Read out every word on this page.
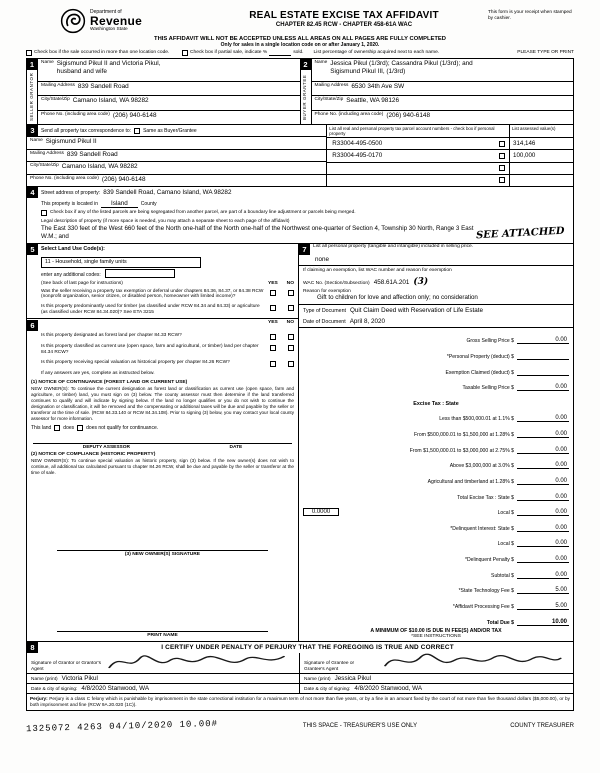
Department of
Revenue
Washington State
REAL ESTATE EXCISE TAX AFFIDAVIT
CHAPTER 82.45 RCW - CHAPTER 458-61A WAC
This form is your receipt when stamped by cashier.
THIS AFFIDAVIT WILL NOT BE ACCEPTED UNLESS ALL AREAS ON ALL PAGES ARE FULLY COMPLETED
Only for sales in a single location code on or after January 1, 2020.
Check box if the sale occurred in more than one location code.	Check box if partial sale, indicate %	sold. List percentage of ownership acquired next to each name.	PLEASE TYPE OR PRINT
1
SELLER GRANTOR
Name Sigismund Pikul II and Victoria Pikul,
husband and wife
Mailing Address 839 Sandell Road
City/State/Zip Camano Island, WA 98282
Phone No. (including area code) (206) 940-6148
2
BUYER GRANTEE
Name Jessica Pikul (1/3rd); Cassandra Pikul (1/3rd); and
Sigismund Pikul III, (1/3rd)
Mailing Address 6530 34th Ave SW
City/State/Zip Seattle, WA 98126
Phone No. (including area code) (206) 940-6148
3	Send all property tax correspondence to: Same as Buyer/Grantee
Name Sigismund Pikul II
Mailing Address 839 Sandell Road
City/State/Zip Camano Island, WA 98282
Phone No. (including area code) (206) 940-6148
List all real and personal property tax parcel account numbers - check box if personal property
List assessed value(s)
R33004-495-0500	314,146
R33004-495-0170	100,000
4	Street address of property: 839 Sandell Road, Camano Island, WA 98282
This property is located in	Island	County
Check box if any of the listed parcels are being segregated from another parcel, are part of a boundary line adjustment or parcels being merged.
Legal description of property (if more space is needed, you may attach a separate sheet to each page of the affidavit)
The East 330 feet of the West 660 feet of the North one-half of the North one-half of the Northwest one-quarter of Section 4, Township 30 North, Range 3 East W.M.; and	SEE ATTACHED
5	Select Land Use Code(s):
11 - Household, single family units
enter any additional codes:
(See back of last page for instructions)	YES NO
Was the seller receiving a property tax exemption or deferral under chapters 84.36, 84.37, or 84.38 RCW (nonprofit organization, senior citizen, or disabled person, homeowner with limited income)?
Is this property predominantly used for timber (as classified under RCW 84.34 and 84.33) or agriculture (as classified under RCW 84.34.020)? See ETA 3215
6	YES NO
Is this property designated as forest land per chapter 84.33 RCW?
Is this property classified as current use (open space, farm and agricultural, or timber) land per chapter 84.34 RCW?
Is this property receiving special valuation as historical property per chapter 84.26 RCW?
If any answers are yes, complete as instructed below.
(1) NOTICE OF CONTINUANCE (FOREST LAND OR CURRENT USE)
NEW OWNER(S): To continue the current designation as forest land or classification as current use (open space, farm and agriculture, or timber) land, you must sign on (3) below. The county assessor must then determine if the land transferred continues to qualify and will indicate by signing below. If the land no longer qualifies or you do not wish to continue the designation or classification, it will be removed and the compensating or additional taxes will be due and payable by the seller or transferor at the time of sale. (RCW 84.33.140 or RCW 84.34.108). Prior to signing (3) below, you may contact your local county assessor for more information.
This land does does not qualify for continuance.
DEPUTY ASSESSOR	DATE
(2) NOTICE OF COMPLIANCE (HISTORIC PROPERTY)
NEW OWNER(S): To continue special valuation as historic property, sign (3) below. If the new owner(s) does not wish to continue, all additional tax calculated pursuant to chapter 84.26 RCW, shall be due and payable by the seller or transferor at the time of sale.
(3) NEW OWNER(S) SIGNATURE
PRINT NAME
7	List all personal property (tangible and intangible) included in selling price.
none
If claiming an exemption, list WAC number and reason for exemption
WAC No. (Section/Subsection) 458.61A.201 (3)
Reason for exemption
Gift to children for love and affection only; no consideration
Type of Document Quit Claim Deed with Reservation of Life Estate
Date of Document April 8, 2020
Gross Selling Price $	0.00
*Personal Property (deduct) $
Exemption Claimed (deduct) $
Taxable Selling Price $	0.00
Excise Tax : State
Less than $500,000.01 at 1.1% $	0.00
From $500,000.01 to $1,500,000 at 1.28% $	0.00
From $1,500,000.01 to $3,000,000 at 2.75% $	0.00
Above $3,000,000 at 3.0% $	0.00
Agricultural and timberland at 1.28% $	0.00
Total Excise Tax : State $	0.00
0.0000	Local $	0.00
*Delinquent Interest: State $	0.00
Local $	0.00
*Delinquent Penalty $	0.00
Subtotal $	0.00
*State Technology Fee $	5.00
*Affidavit Processing Fee $	5.00
Total Due $	10.00
A MINIMUM OF $10.00 IS DUE IN FEE(S) AND/OR TAX
*SEE INSTRUCTIONS
8	I CERTIFY UNDER PENALTY OF PERJURY THAT THE FOREGOING IS TRUE AND CORRECT
Signature of Grantor or Grantor's Agent
Name (print) Victoria Pikul
Date & city of signing: 4/8/2020 Stanwood, WA
Signature of Grantee or Grantee's Agent
Name (print) Jessica Pikul
Date & city of signing: 4/8/2020 Stanwood, WA
Perjury: Perjury is a class C felony which is punishable by imprisonment in the state correctional institution for a maximum term of not more than five years, or by a fine in an amount fixed by the court of not more than five thousand dollars ($5,000.00), or by both imprisonment and fine (RCW 9A.20.020 (1C)).
1325072 4263 04/10/2020 10.00#	THIS SPACE - TREASURER'S USE ONLY	COUNTY TREASURER
